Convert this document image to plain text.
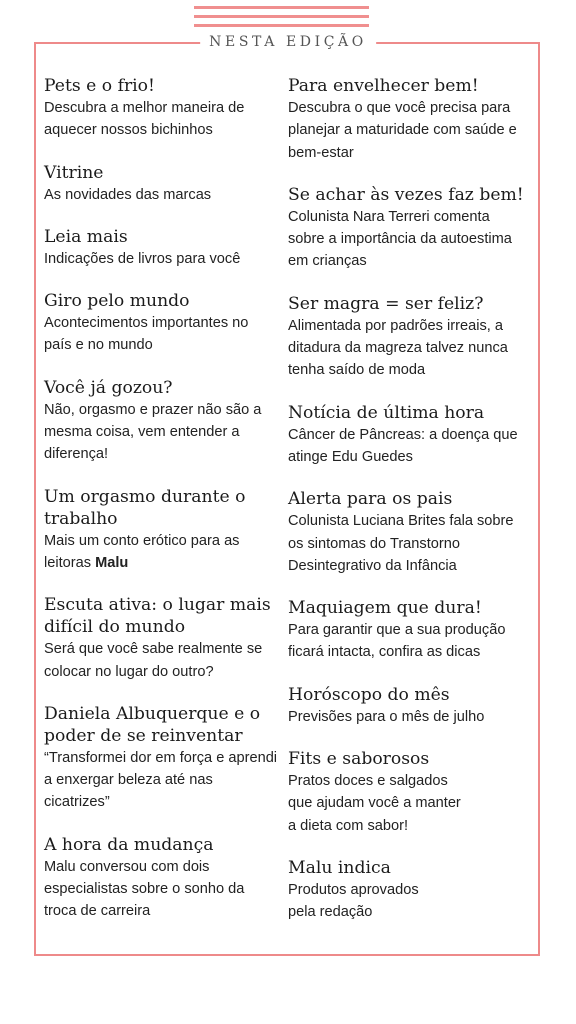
NESTA EDIÇÃO

Pets e o frio!

Descubra a melhor maneira de aquecer nossos bichinhos

Vitrine

As novidades das marcas

Leia mais

Indicações de livros para você

Giro pelo mundo

Acontecimentos importantes no país e no mundo

Você já gozou?

Não, orgasmo e prazer não são a mesma coisa, vem entender a diferença!

Um orgasmo durante o trabalho

Mais um conto erótico para as leitoras Malu

Escuta ativa: o lugar mais difícil do mundo

Será que você sabe realmente se colocar no lugar do outro?

Daniela Albuquerque e o poder de se reinventar

“Transformei dor em força e aprendi a enxergar beleza até nas cicatrizes”

A hora da mudança

Malu conversou com dois especialistas sobre o sonho da troca de carreira

Para envelhecer bem!

Descubra o que você precisa para planejar a maturidade com saúde e bem-estar

Se achar às vezes faz bem!

Colunista Nara Terreri comenta sobre a importância da autoestima em crianças

Ser magra = ser feliz?

Alimentada por padrões irreais, a ditadura da magreza talvez nunca tenha saído de moda

Notícia de última hora

Câncer de Pâncreas: a doença que atinge Edu Guedes

Alerta para os pais

Colunista Luciana Brites fala sobre os sintomas do Transtorno Desintegrativo da Infância

Maquiagem que dura!

Para garantir que a sua produção ficará intacta, confira as dicas

Horóscopo do mês

Previsões para o mês de julho

Fits e saborosos

Pratos doces e salgados

que ajudam você a manter

a dieta com sabor!

Malu indica

Produtos aprovados

pela redação
